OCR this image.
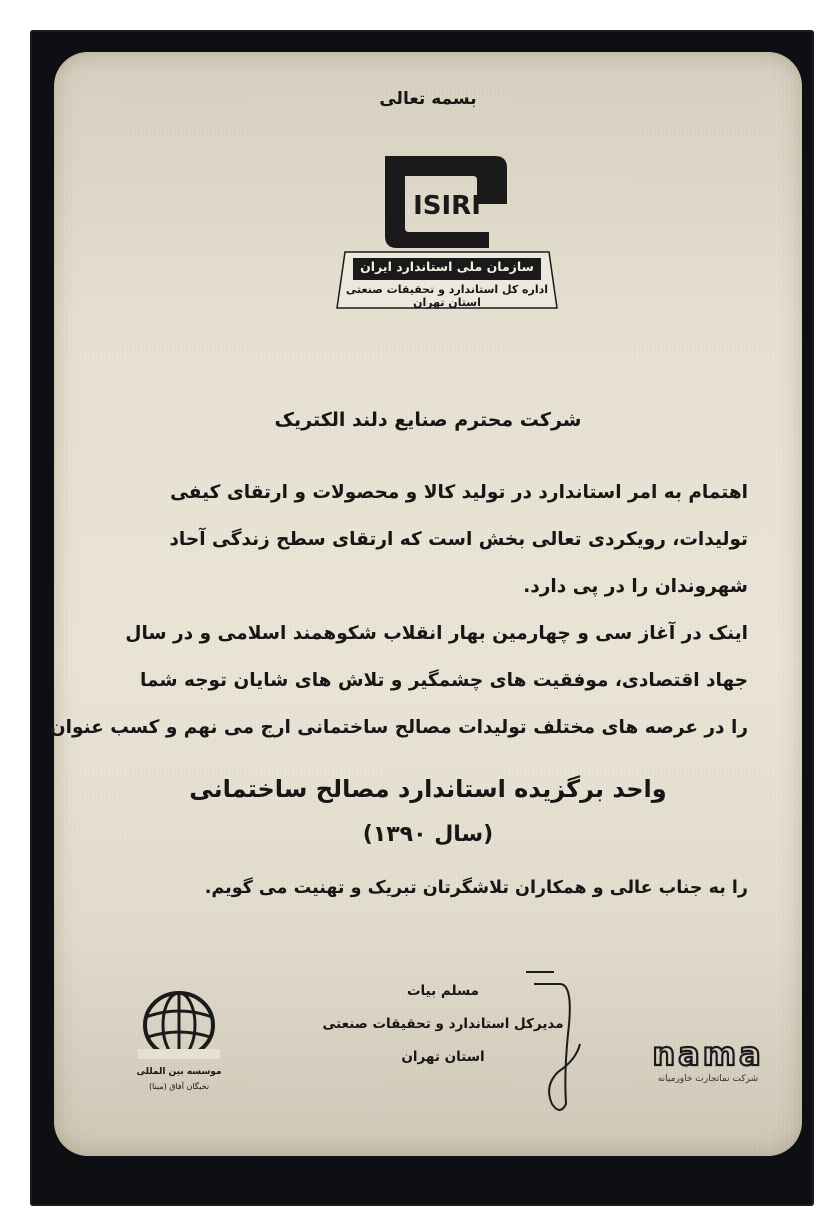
بسمه تعالی
ISIRI
سازمان ملی استاندارد ایران
اداره کل استاندارد و تحقیقات صنعتی استان تهران
شرکت محترم صنایع دلند الکتریک
اهتمام به امر استاندارد در تولید کالا و محصولات و ارتقای کیفی
تولیدات، رویکردی تعالی بخش است که ارتقای سطح زندگی آحاد
شهروندان را در پی دارد.
اینک در آغاز سی و چهارمین بهار انقلاب شکوهمند اسلامی و در سال
جهاد اقتصادی، موفقیت های چشمگیر و تلاش های شایان توجه شما
را در عرصه های مختلف تولیدات مصالح ساختمانی ارج می نهم و کسب عنوان
واحد برگزیده استاندارد مصالح ساختمانی
(سال ۱۳۹۰)
را به جناب عالی و همکاران تلاشگرتان تبریک و تهنیت می گویم.
مسلم بیات
مدیرکل استاندارد و تحقیقات صنعتی
استان تهران
موسسه بین المللی
نخبگان آفاق (مینا)
nama
شرکت نماتجارت خاورمیانه
